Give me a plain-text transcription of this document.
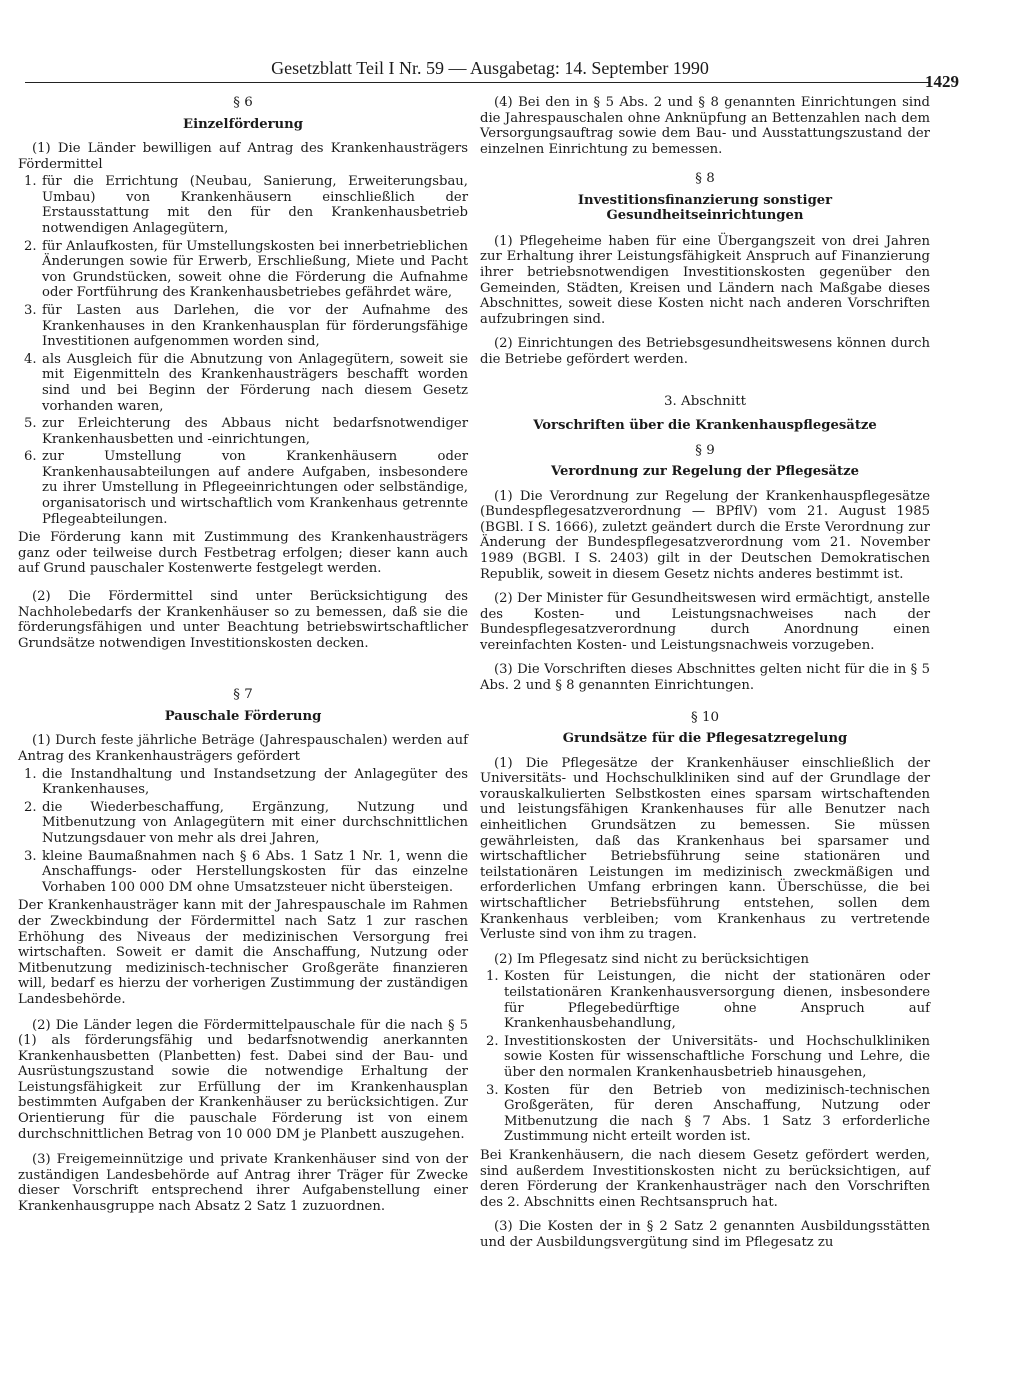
Gesetzblatt Teil I Nr. 59 — Ausgabetag: 14. September 1990
1429

§ 6

Einzelförderung

(1) Die Länder bewilligen auf Antrag des Krankenhausträgers Fördermittel

1. für die Errichtung (Neubau, Sanierung, Erweiterungsbau, Umbau) von Krankenhäusern einschließlich der Erstausstattung mit den für den Krankenhausbetrieb notwendigen Anlagegütern,
2. für Anlaufkosten, für Umstellungskosten bei innerbetrieblichen Änderungen sowie für Erwerb, Erschließung, Miete und Pacht von Grundstücken, soweit ohne die Förderung die Aufnahme oder Fortführung des Krankenhausbetriebes gefährdet wäre,
3. für Lasten aus Darlehen, die vor der Aufnahme des Krankenhauses in den Krankenhausplan für förderungsfähige Investitionen aufgenommen worden sind,
4. als Ausgleich für die Abnutzung von Anlagegütern, soweit sie mit Eigenmitteln des Krankenhausträgers beschafft worden sind und bei Beginn der Förderung nach diesem Gesetz vorhanden waren,
5. zur Erleichterung des Abbaus nicht bedarfsnotwendiger Krankenhausbetten und -einrichtungen,
6. zur Umstellung von Krankenhäusern oder Krankenhausabteilungen auf andere Aufgaben, insbesondere zu ihrer Umstellung in Pflegeeinrichtungen oder selbständige, organisatorisch und wirtschaftlich vom Krankenhaus getrennte Pflegeabteilungen.

Die Förderung kann mit Zustimmung des Krankenhausträgers ganz oder teilweise durch Festbetrag erfolgen; dieser kann auch auf Grund pauschaler Kostenwerte festgelegt werden.

(2) Die Fördermittel sind unter Berücksichtigung des Nachholebedarfs der Krankenhäuser so zu bemessen, daß sie die förderungsfähigen und unter Beachtung betriebswirtschaftlicher Grundsätze notwendigen Investitionskosten decken.

§ 7

Pauschale Förderung

(1) Durch feste jährliche Beträge (Jahrespauschalen) werden auf Antrag des Krankenhausträgers gefördert

1. die Instandhaltung und Instandsetzung der Anlagegüter des Krankenhauses,
2. die Wiederbeschaffung, Ergänzung, Nutzung und Mitbenutzung von Anlagegütern mit einer durchschnittlichen Nutzungsdauer von mehr als drei Jahren,
3. kleine Baumaßnahmen nach § 6 Abs. 1 Satz 1 Nr. 1, wenn die Anschaffungs- oder Herstellungskosten für das einzelne Vorhaben 100 000 DM ohne Umsatzsteuer nicht übersteigen.

Der Krankenhausträger kann mit der Jahrespauschale im Rahmen der Zweckbindung der Fördermittel nach Satz 1 zur raschen Erhöhung des Niveaus der medizinischen Versorgung frei wirtschaften. Soweit er damit die Anschaffung, Nutzung oder Mitbenutzung medizinisch-technischer Großgeräte finanzieren will, bedarf es hierzu der vorherigen Zustimmung der zuständigen Landesbehörde.

(2) Die Länder legen die Fördermittelpauschale für die nach § 5 (1) als förderungsfähig und bedarfsnotwendig anerkannten Krankenhausbetten (Planbetten) fest. Dabei sind der Bau- und Ausrüstungszustand sowie die notwendige Erhaltung der Leistungsfähigkeit zur Erfüllung der im Krankenhausplan bestimmten Aufgaben der Krankenhäuser zu berücksichtigen. Zur Orientierung für die pauschale Förderung ist von einem durchschnittlichen Betrag von 10 000 DM je Planbett auszugehen.

(3) Freigemeinnützige und private Krankenhäuser sind von der zuständigen Landesbehörde auf Antrag ihrer Träger für Zwecke dieser Vorschrift entsprechend ihrer Aufgabenstellung einer Krankenhausgruppe nach Absatz 2 Satz 1 zuzuordnen.

(4) Bei den in § 5 Abs. 2 und § 8 genannten Einrichtungen sind die Jahrespauschalen ohne Anknüpfung an Bettenzahlen nach dem Versorgungsauftrag sowie dem Bau- und Ausstattungszustand der einzelnen Einrichtung zu bemessen.

§ 8

Investitionsfinanzierung sonstiger
Gesundheitseinrichtungen

(1) Pflegeheime haben für eine Übergangszeit von drei Jahren zur Erhaltung ihrer Leistungsfähigkeit Anspruch auf Finanzierung ihrer betriebsnotwendigen Investitionskosten gegenüber den Gemeinden, Städten, Kreisen und Ländern nach Maßgabe dieses Abschnittes, soweit diese Kosten nicht nach anderen Vorschriften aufzubringen sind.

(2) Einrichtungen des Betriebsgesundheitswesens können durch die Betriebe gefördert werden.

3. Abschnitt

Vorschriften über die Krankenhauspflegesätze

§ 9

Verordnung zur Regelung der Pflegesätze

(1) Die Verordnung zur Regelung der Krankenhauspflegesätze (Bundespflegesatzverordnung — BPflV) vom 21. August 1985 (BGBl. I S. 1666), zuletzt geändert durch die Erste Verordnung zur Änderung der Bundespflegesatzverordnung vom 21. November 1989 (BGBl. I S. 2403) gilt in der Deutschen Demokratischen Republik, soweit in diesem Gesetz nichts anderes bestimmt ist.

(2) Der Minister für Gesundheitswesen wird ermächtigt, anstelle des Kosten- und Leistungsnachweises nach der Bundespflegesatzverordnung durch Anordnung einen vereinfachten Kosten- und Leistungsnachweis vorzugeben.

(3) Die Vorschriften dieses Abschnittes gelten nicht für die in § 5 Abs. 2 und § 8 genannten Einrichtungen.

§ 10

Grundsätze für die Pflegesatzregelung

(1) Die Pflegesätze der Krankenhäuser einschließlich der Universitäts- und Hochschulkliniken sind auf der Grundlage der vorauskalkulierten Selbstkosten eines sparsam wirtschaftenden und leistungsfähigen Krankenhauses für alle Benutzer nach einheitlichen Grundsätzen zu bemessen. Sie müssen gewährleisten, daß das Krankenhaus bei sparsamer und wirtschaftlicher Betriebsführung seine stationären und teilstationären Leistungen im medizinisch zweckmäßigen und erforderlichen Umfang erbringen kann. Überschüsse, die bei wirtschaftlicher Betriebsführung entstehen, sollen dem Krankenhaus verbleiben; vom Krankenhaus zu vertretende Verluste sind von ihm zu tragen.

(2) Im Pflegesatz sind nicht zu berücksichtigen

1. Kosten für Leistungen, die nicht der stationären oder teilstationären Krankenhausversorgung dienen, insbesondere für Pflegebedürftige ohne Anspruch auf Krankenhausbehandlung,
2. Investitionskosten der Universitäts- und Hochschulkliniken sowie Kosten für wissenschaftliche Forschung und Lehre, die über den normalen Krankenhausbetrieb hinausgehen,
3. Kosten für den Betrieb von medizinisch-technischen Großgeräten, für deren Anschaffung, Nutzung oder Mitbenutzung die nach § 7 Abs. 1 Satz 3 erforderliche Zustimmung nicht erteilt worden ist.

Bei Krankenhäusern, die nach diesem Gesetz gefördert werden, sind außerdem Investitionskosten nicht zu berücksichtigen, auf deren Förderung der Krankenhausträger nach den Vorschriften des 2. Abschnitts einen Rechtsanspruch hat.

(3) Die Kosten der in § 2 Satz 2 genannten Ausbildungsstätten und der Ausbildungsvergütung sind im Pflegesatz zu
